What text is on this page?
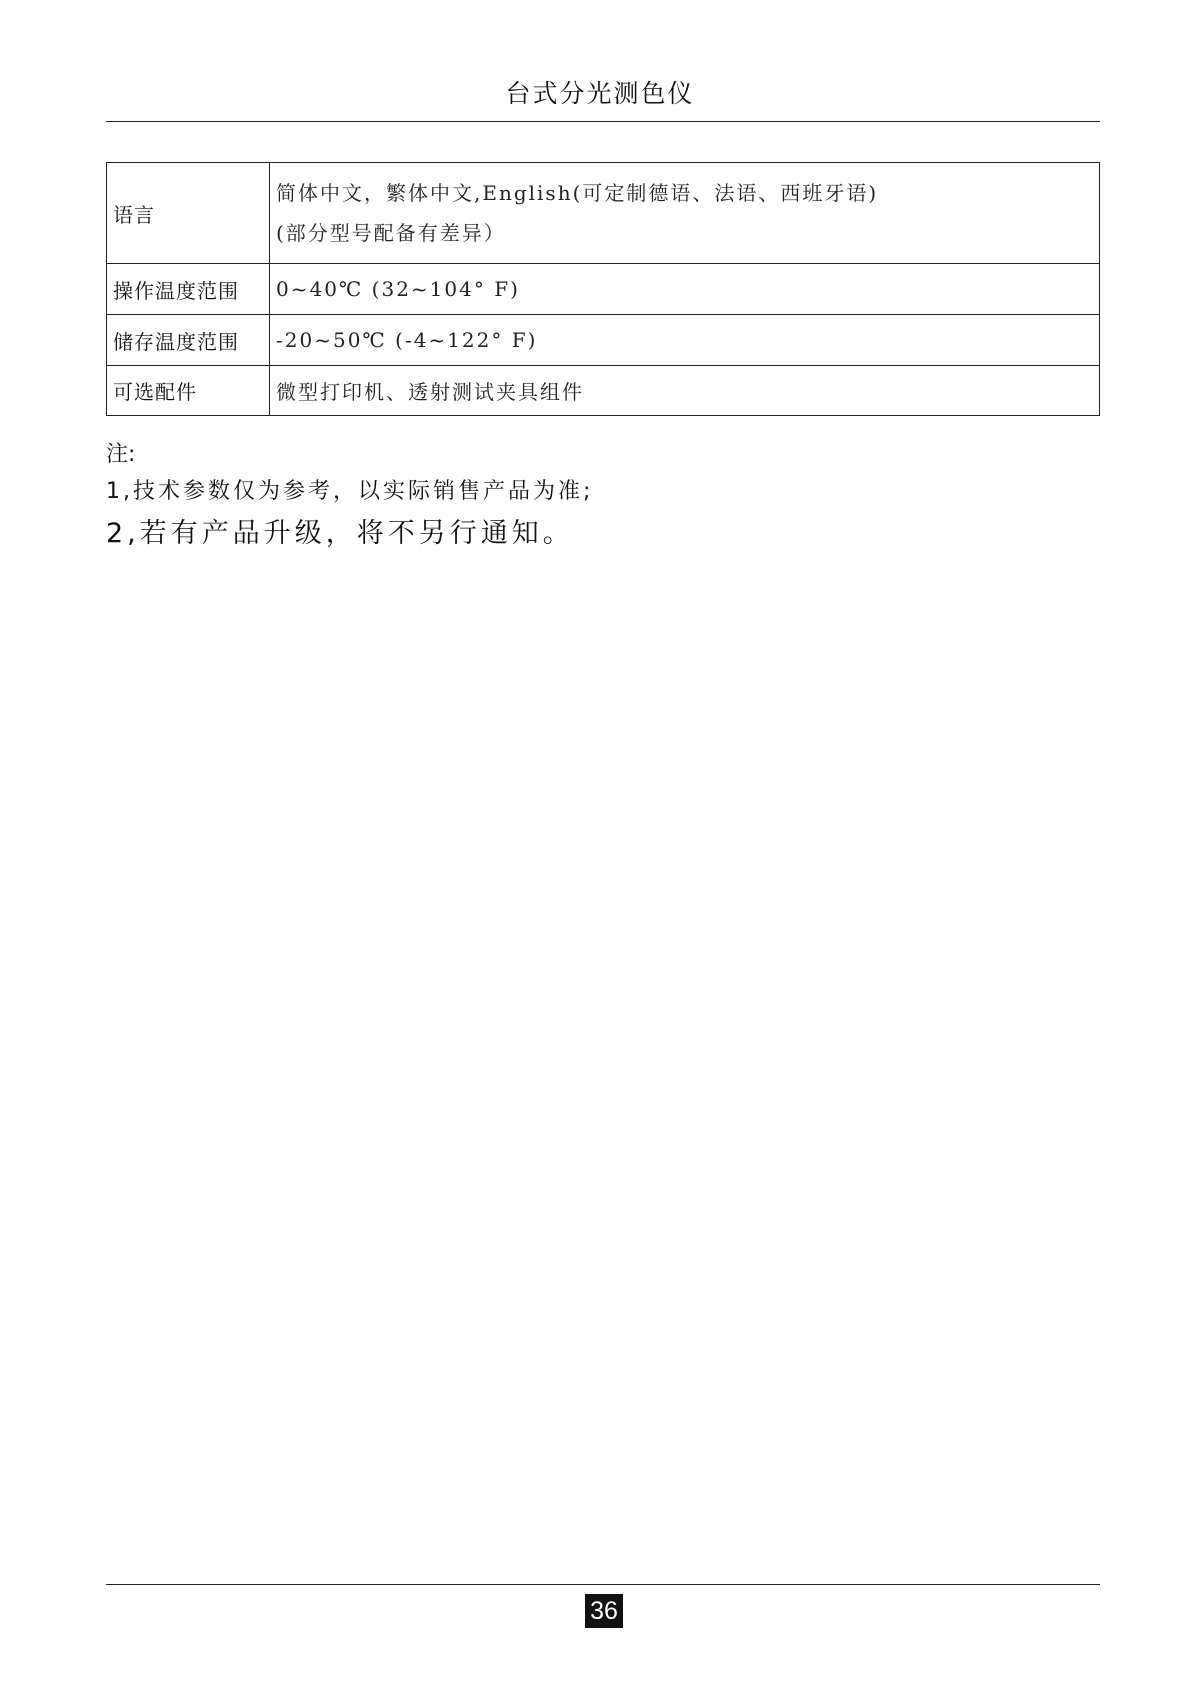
台式分光测色仪
语言	简体中文，繁体中文,English(可定制德语、法语、西班牙语)
(部分型号配备有差异）

操作温度范围	0~40℃ (32~104° F)
储存温度范围	-20~50℃ (-4~122° F)
可选配件	微型打印机、透射测试夹具组件
注:
1,技术参数仅为参考，以实际销售产品为准;
2,若有产品升级，将不另行通知。
36
